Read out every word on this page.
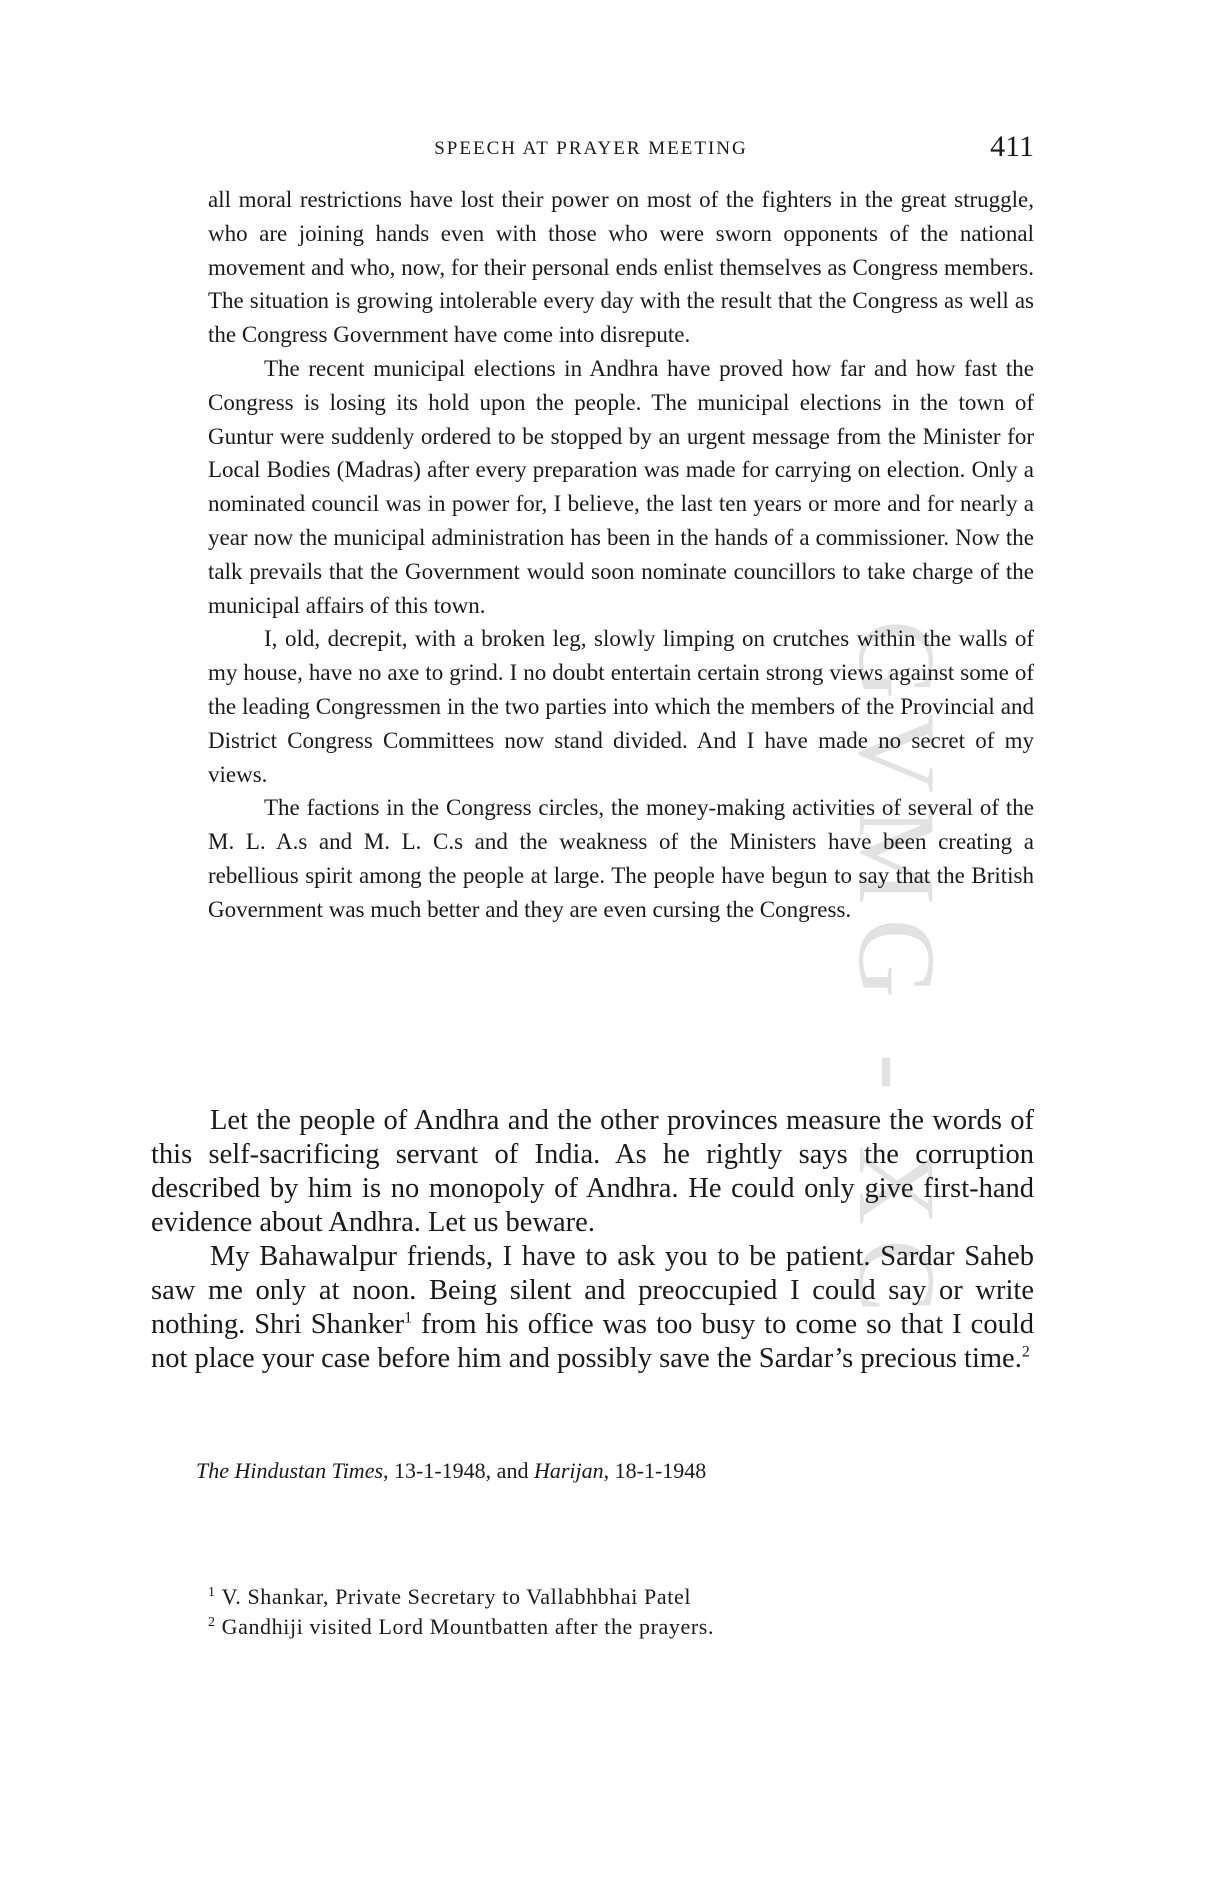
GVMG - XC
SPEECH AT PRAYER MEETING	411

all moral restrictions have lost their power on most of the fighters in the great struggle, who are joining hands even with those who were sworn opponents of the national movement and who, now, for their personal ends enlist themselves as Congress members. The situation is growing intolerable every day with the result that the Congress as well as the Congress Government have come into disrepute.

The recent municipal elections in Andhra have proved how far and how fast the Congress is losing its hold upon the people. The municipal elections in the town of Guntur were suddenly ordered to be stopped by an urgent message from the Minister for Local Bodies (Madras) after every preparation was made for carrying on election. Only a nominated council was in power for, I believe, the last ten years or more and for nearly a year now the municipal administration has been in the hands of a commissioner. Now the talk prevails that the Government would soon nominate councillors to take charge of the municipal affairs of this town.

I, old, decrepit, with a broken leg, slowly limping on crutches within the walls of my house, have no axe to grind. I no doubt entertain certain strong views against some of the leading Congressmen in the two parties into which the members of the Provincial and District Congress Committees now stand divided. And I have made no secret of my views.

The factions in the Congress circles, the money-making activities of several of the M. L. A.s and M. L. C.s and the weakness of the Ministers have been creating a rebellious spirit among the people at large. The people have begun to say that the British Government was much better and they are even cursing the Congress.

Let the people of Andhra and the other provinces measure the words of this self-sacrificing servant of India. As he rightly says the corruption described by him is no monopoly of Andhra. He could only give first-hand evidence about Andhra. Let us beware.

My Bahawalpur friends, I have to ask you to be patient. Sardar Saheb saw me only at noon. Being silent and preoccupied I could say or write nothing. Shri Shanker$^1$ from his office was too busy to come so that I could not place your case before him and possibly save the Sardar’s precious time.$^2$

The Hindustan Times, 13-1-1948, and Harijan, 18-1-1948
$^1$ V. Shankar, Private Secretary to Vallabhbhai Patel
$^2$ Gandhiji visited Lord Mountbatten after the prayers.
